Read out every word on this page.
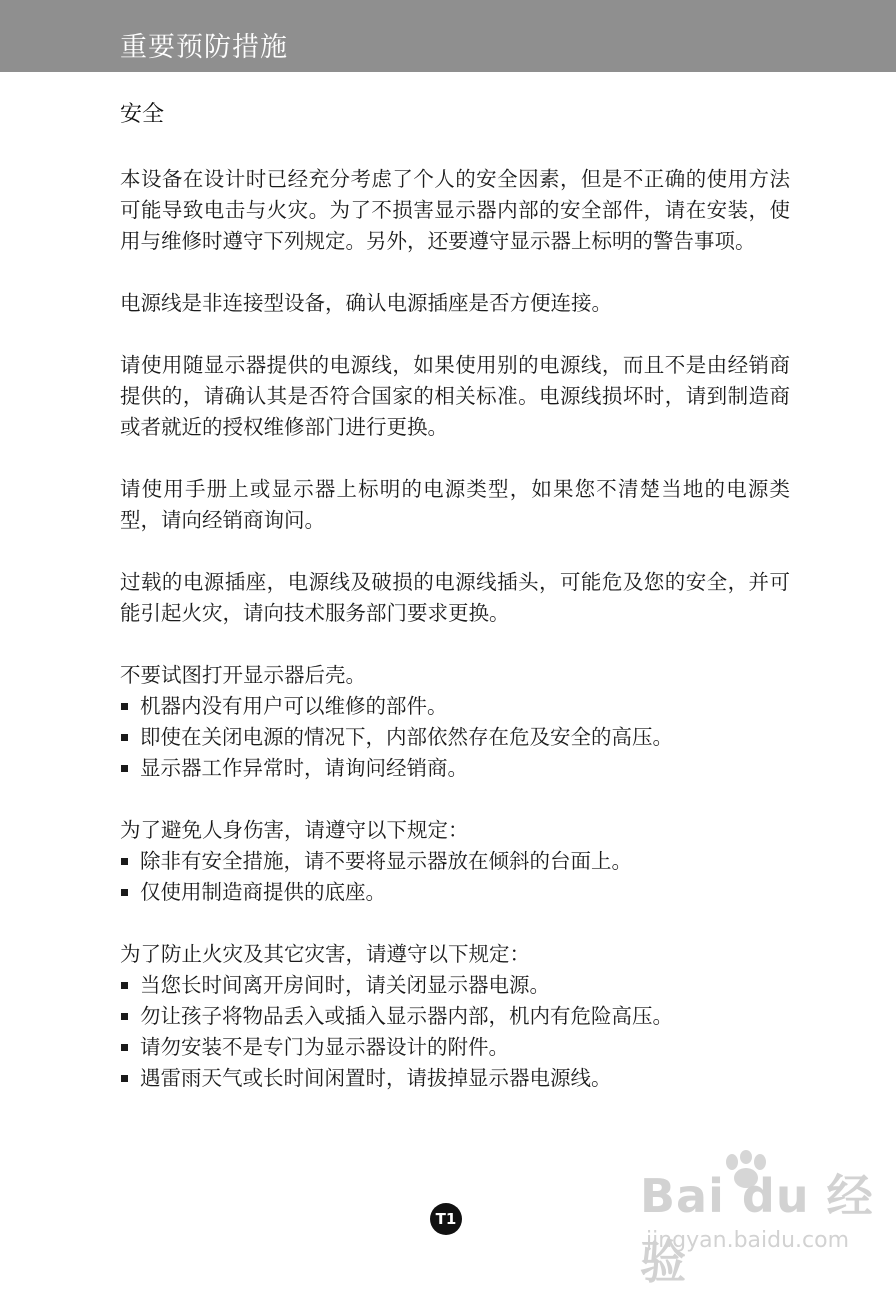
重要预防措施
安全

本设备在设计时已经充分考虑了个人的安全因素，但是不正确的使用方法可能导致电击与火灾。为了不损害显示器内部的安全部件，请在安装，使用与维修时遵守下列规定。另外，还要遵守显示器上标明的警告事项。

电源线是非连接型设备，确认电源插座是否方便连接。

请使用随显示器提供的电源线，如果使用别的电源线，而且不是由经销商提供的，请确认其是否符合国家的相关标准。电源线损坏时，请到制造商或者就近的授权维修部门进行更换。

请使用手册上或显示器上标明的电源类型，如果您不清楚当地的电源类型，请向经销商询问。

过载的电源插座，电源线及破损的电源线插头，可能危及您的安全，并可能引起火灾，请向技术服务部门要求更换。

不要试图打开显示器后壳。

机器内没有用户可以维修的部件。
即使在关闭电源的情况下，内部依然存在危及安全的高压。
显示器工作异常时，请询问经销商。

为了避免人身伤害，请遵守以下规定：

除非有安全措施，请不要将显示器放在倾斜的台面上。
仅使用制造商提供的底座。

为了防止火灾及其它灾害，请遵守以下规定：

当您长时间离开房间时，请关闭显示器电源。
勿让孩子将物品丢入或插入显示器内部，机内有危险高压。
请勿安装不是专门为显示器设计的附件。
遇雷雨天气或长时间闲置时，请拔掉显示器电源线。
T1	Bai du 经验
jingyan.baidu.com
